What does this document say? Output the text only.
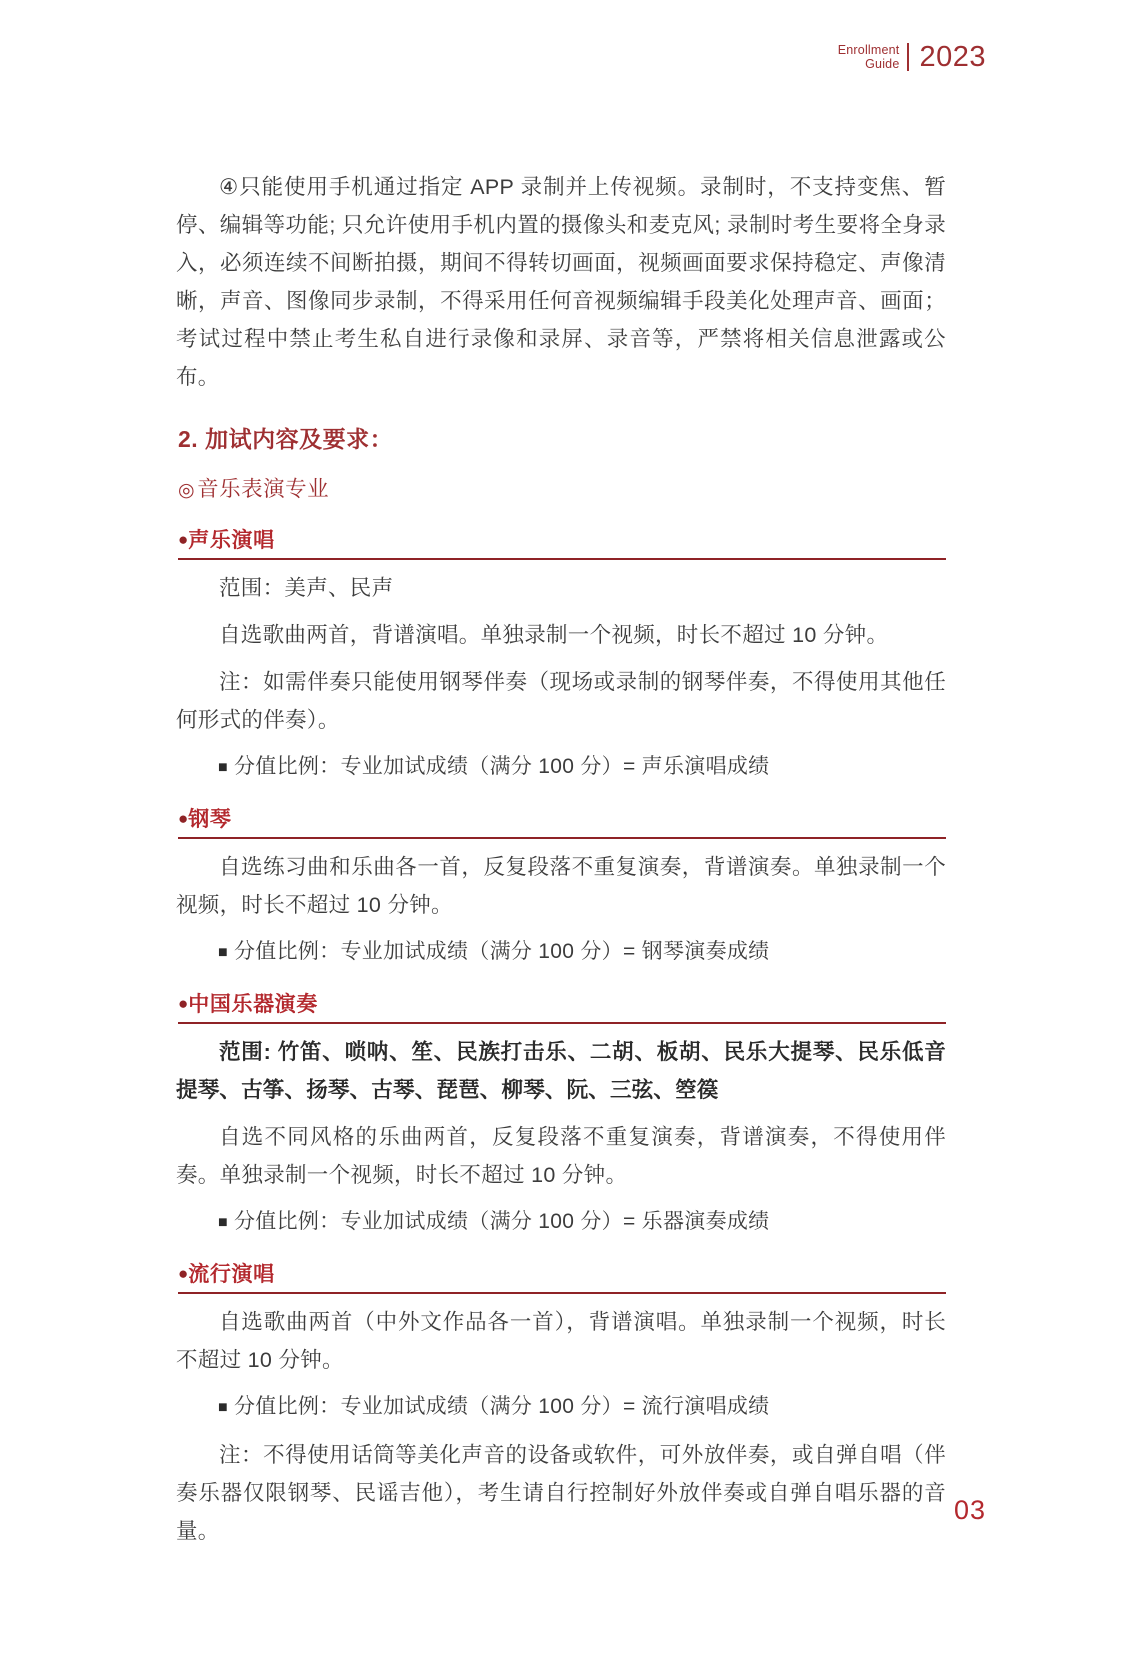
Enrollment
Guide 2023

④只能使用手机通过指定 APP 录制并上传视频。录制时，不支持变焦、暂停、编辑等功能; 只允许使用手机内置的摄像头和麦克风; 录制时考生要将全身录入，必须连续不间断拍摄，期间不得转切画面，视频画面要求保持稳定、声像清晰，声音、图像同步录制，不得采用任何音视频编辑手段美化处理声音、画面；考试过程中禁止考生私自进行录像和录屏、录音等，严禁将相关信息泄露或公布。

2. 加试内容及要求：
◎音乐表演专业
●声乐演唱

范围：美声、民声

自选歌曲两首，背谱演唱。单独录制一个视频，时长不超过 10 分钟。

注：如需伴奏只能使用钢琴伴奏（现场或录制的钢琴伴奏，不得使用其他任何形式的伴奏）。

■ 分值比例：专业加试成绩（满分 100 分）= 声乐演唱成绩

●钢琴

自选练习曲和乐曲各一首，反复段落不重复演奏，背谱演奏。单独录制一个视频，时长不超过 10 分钟。

■ 分值比例：专业加试成绩（满分 100 分）= 钢琴演奏成绩

●中国乐器演奏

范围: 竹笛、唢呐、笙、民族打击乐、二胡、板胡、民乐大提琴、民乐低音提琴、古筝、扬琴、古琴、琵琶、柳琴、阮、三弦、箜篌

自选不同风格的乐曲两首，反复段落不重复演奏，背谱演奏，不得使用伴奏。单独录制一个视频，时长不超过 10 分钟。

■ 分值比例：专业加试成绩（满分 100 分）= 乐器演奏成绩

●流行演唱

自选歌曲两首（中外文作品各一首），背谱演唱。单独录制一个视频，时长不超过 10 分钟。

■ 分值比例：专业加试成绩（满分 100 分）= 流行演唱成绩

注：不得使用话筒等美化声音的设备或软件，可外放伴奏，或自弹自唱（伴奏乐器仅限钢琴、民谣吉他），考生请自行控制好外放伴奏或自弹自唱乐器的音量。

03
